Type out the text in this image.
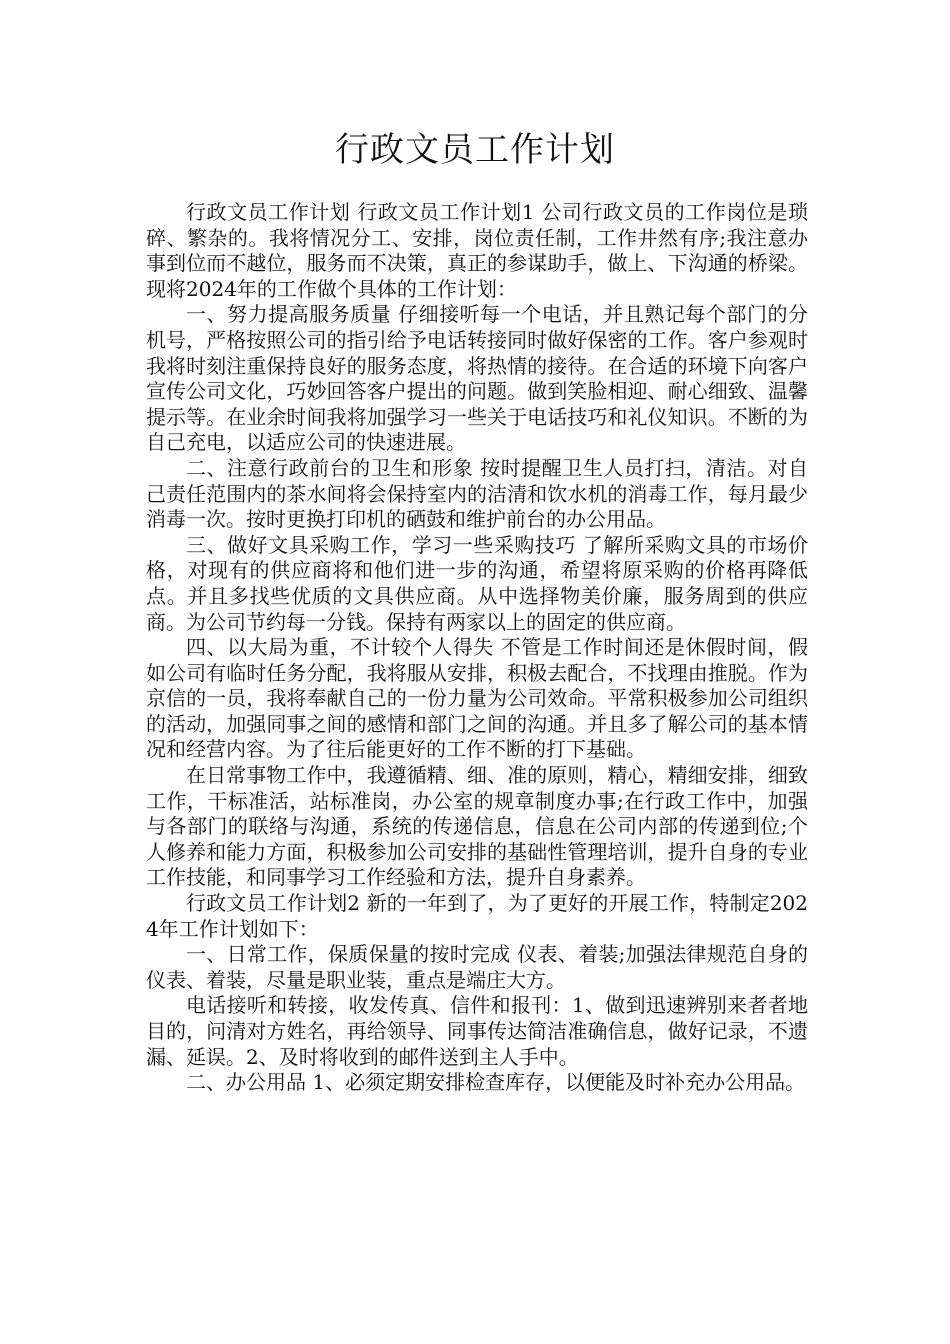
行政文员工作计划

行政文员工作计划 行政文员工作计划1 公司行政文员的工作岗位是琐碎、繁杂的。我将情况分工、安排，岗位责任制，工作井然有序;我注意办事到位而不越位，服务而不决策，真正的参谋助手，做上、下沟通的桥梁。现将2024年的工作做个具体的工作计划：

一、努力提高服务质量 仔细接听每一个电话，并且熟记每个部门的分机号，严格按照公司的指引给予电话转接同时做好保密的工作。客户参观时我将时刻注重保持良好的服务态度，将热情的接待。在合适的环境下向客户宣传公司文化，巧妙回答客户提出的问题。做到笑脸相迎、耐心细致、温馨提示等。在业余时间我将加强学习一些关于电话技巧和礼仪知识。不断的为自己充电，以适应公司的快速进展。

二、注意行政前台的卫生和形象 按时提醒卫生人员打扫，清洁。对自己责任范围内的茶水间将会保持室内的洁清和饮水机的消毒工作，每月最少消毒一次。按时更换打印机的硒鼓和维护前台的办公用品。

三、做好文具采购工作，学习一些采购技巧 了解所采购文具的市场价格，对现有的供应商将和他们进一步的沟通，希望将原采购的价格再降低点。并且多找些优质的文具供应商。从中选择物美价廉，服务周到的供应商。为公司节约每一分钱。保持有两家以上的固定的供应商。

四、以大局为重，不计较个人得失 不管是工作时间还是休假时间，假如公司有临时任务分配，我将服从安排，积极去配合，不找理由推脱。作为京信的一员，我将奉献自己的一份力量为公司效命。平常积极参加公司组织的活动，加强同事之间的感情和部门之间的沟通。并且多了解公司的基本情况和经营内容。为了往后能更好的工作不断的打下基础。

在日常事物工作中，我遵循精、细、准的原则，精心，精细安排，细致工作，干标准活，站标准岗，办公室的规章制度办事;在行政工作中，加强与各部门的联络与沟通，系统的传递信息，信息在公司内部的传递到位;个人修养和能力方面，积极参加公司安排的基础性管理培训，提升自身的专业工作技能，和同事学习工作经验和方法，提升自身素养。

行政文员工作计划2 新的一年到了，为了更好的开展工作，特制定2024年工作计划如下：

一、日常工作，保质保量的按时完成 仪表、着装;加强法律规范自身的仪表、着装，尽量是职业装，重点是端庄大方。

电话接听和转接，收发传真、信件和报刊：1、做到迅速辨别来者者地目的，问清对方姓名，再给领导、同事传达简洁准确信息，做好记录，不遗漏、延误。2、及时将收到的邮件送到主人手中。

二、办公用品 1、必须定期安排检查库存，以便能及时补充办公用品。
